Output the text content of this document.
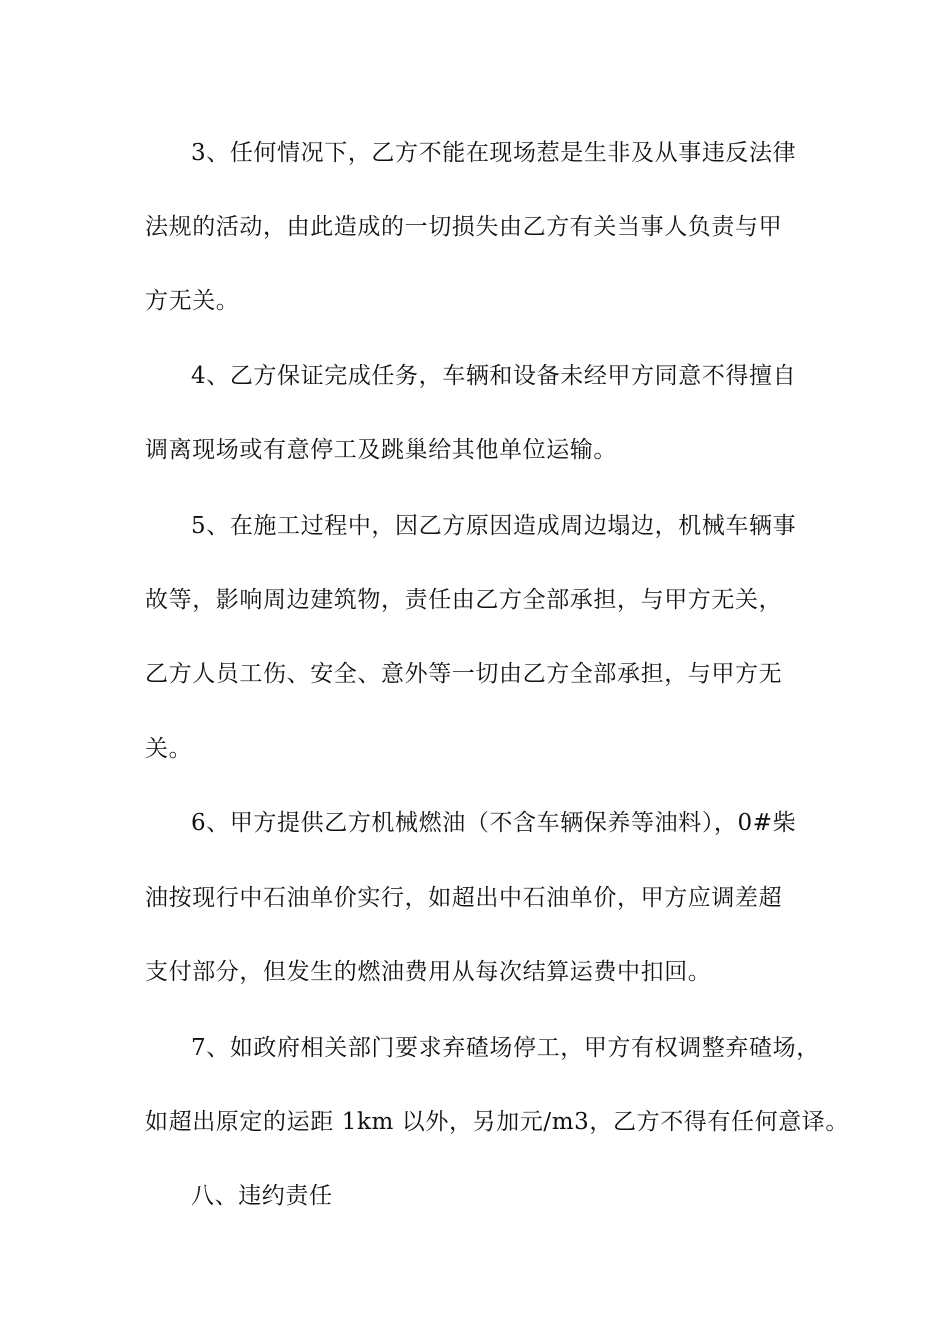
3、任何情况下，乙方不能在现场惹是生非及从事违反法律
法规的活动，由此造成的一切损失由乙方有关当事人负责与甲
方无关。
4、乙方保证完成任务，车辆和设备未经甲方同意不得擅自
调离现场或有意停工及跳巢给其他单位运输。
5、在施工过程中，因乙方原因造成周边塌边，机械车辆事
故等，影响周边建筑物，责任由乙方全部承担，与甲方无关，
乙方人员工伤、安全、意外等一切由乙方全部承担，与甲方无
关。
6、甲方提供乙方机械燃油（不含车辆保养等油料），0#柴
油按现行中石油单价实行，如超出中石油单价，甲方应调差超
支付部分，但发生的燃油费用从每次结算运费中扣回。
7、如政府相关部门要求弃碴场停工，甲方有权调整弃碴场，
如超出原定的运距 1km 以外，另加元/m3，乙方不得有任何意译。
八、违约责任
